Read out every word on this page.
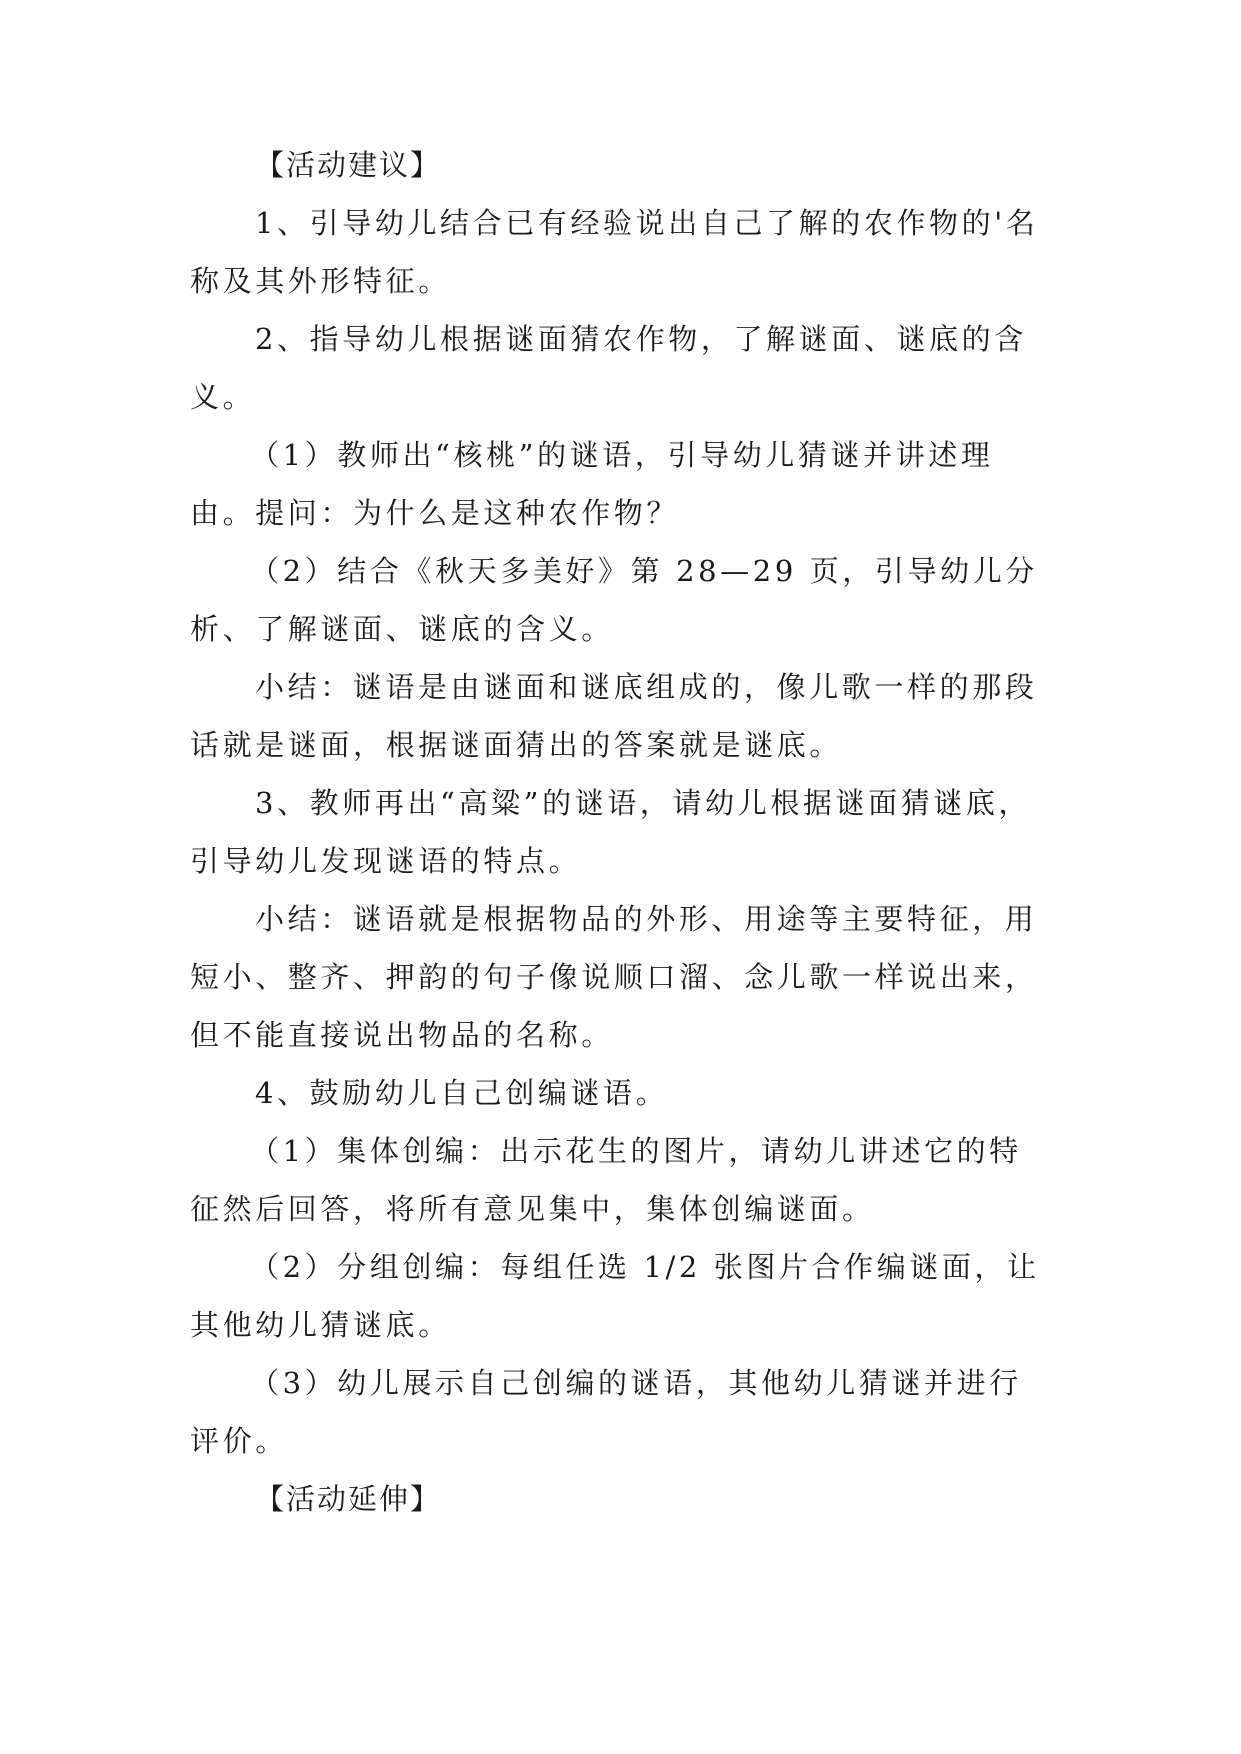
【活动建议】
1、引导幼儿结合已有经验说出自己了解的农作物的'名
称及其外形特征。
2、指导幼儿根据谜面猜农作物，了解谜面、谜底的含
义。
（1）教师出“核桃”的谜语，引导幼儿猜谜并讲述理
由。提问：为什么是这种农作物？
（2）结合《秋天多美好》第 28—29 页，引导幼儿分
析、了解谜面、谜底的含义。
小结：谜语是由谜面和谜底组成的，像儿歌一样的那段
话就是谜面，根据谜面猜出的答案就是谜底。
3、教师再出“高粱”的谜语，请幼儿根据谜面猜谜底，
引导幼儿发现谜语的特点。
小结：谜语就是根据物品的外形、用途等主要特征，用
短小、整齐、押韵的句子像说顺口溜、念儿歌一样说出来，
但不能直接说出物品的名称。
4、鼓励幼儿自己创编谜语。
（1）集体创编：出示花生的图片，请幼儿讲述它的特
征然后回答，将所有意见集中，集体创编谜面。
（2）分组创编：每组任选 1/2 张图片合作编谜面，让
其他幼儿猜谜底。
（3）幼儿展示自己创编的谜语，其他幼儿猜谜并进行
评价。
【活动延伸】
